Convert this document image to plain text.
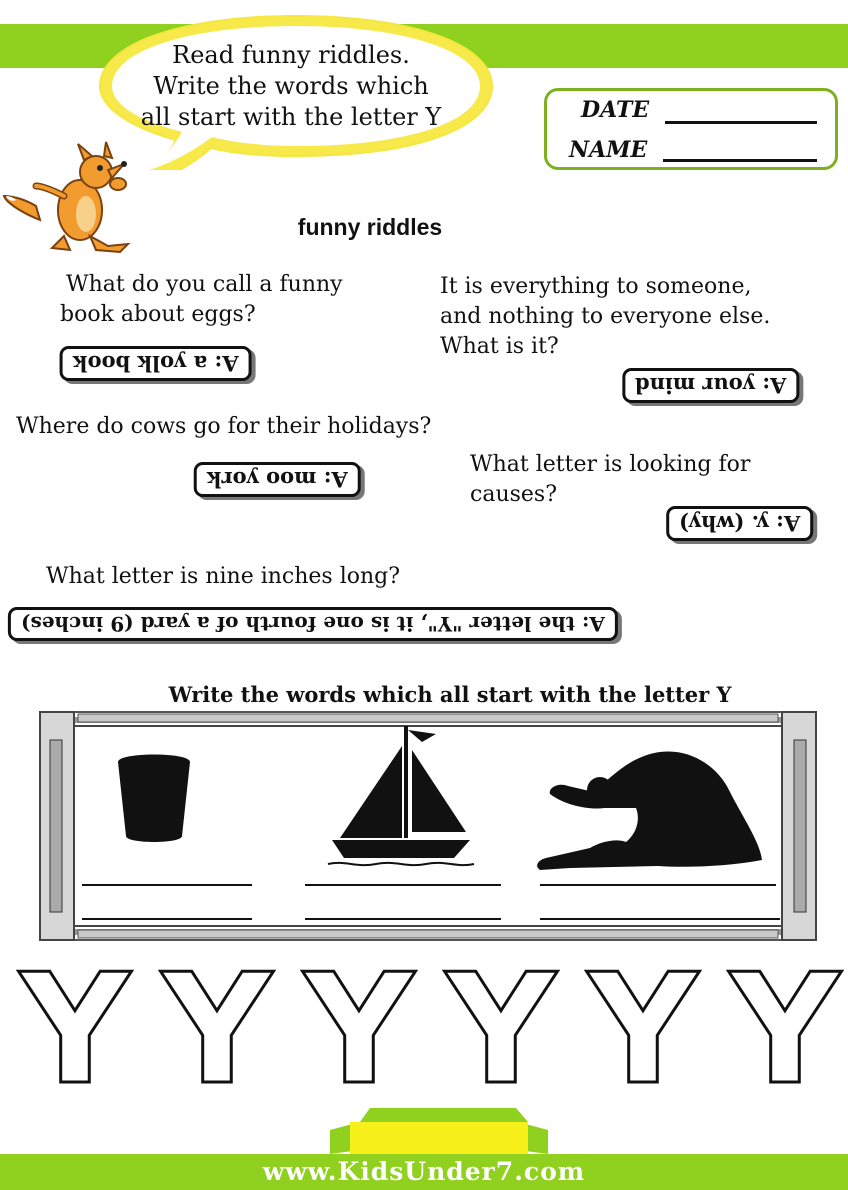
Read funny riddles.
Write the words which
all start with the letter Y	DATE
NAME
funny riddles
What do you call a funny
book about eggs?
A: a yolk book
It is everything to someone,
and nothing to everyone else.
What is it?
A: your mind
Where do cows go for their holidays?
A: moo york
What letter is looking for causes?
A: y. (why)
What letter is nine inches long?
A: the letter "Y", it is one fourth of a yard (9 inches)
Write the words which all start with the letter Y
Y Y Y Y Y Y
www.KidsUnder7.com
